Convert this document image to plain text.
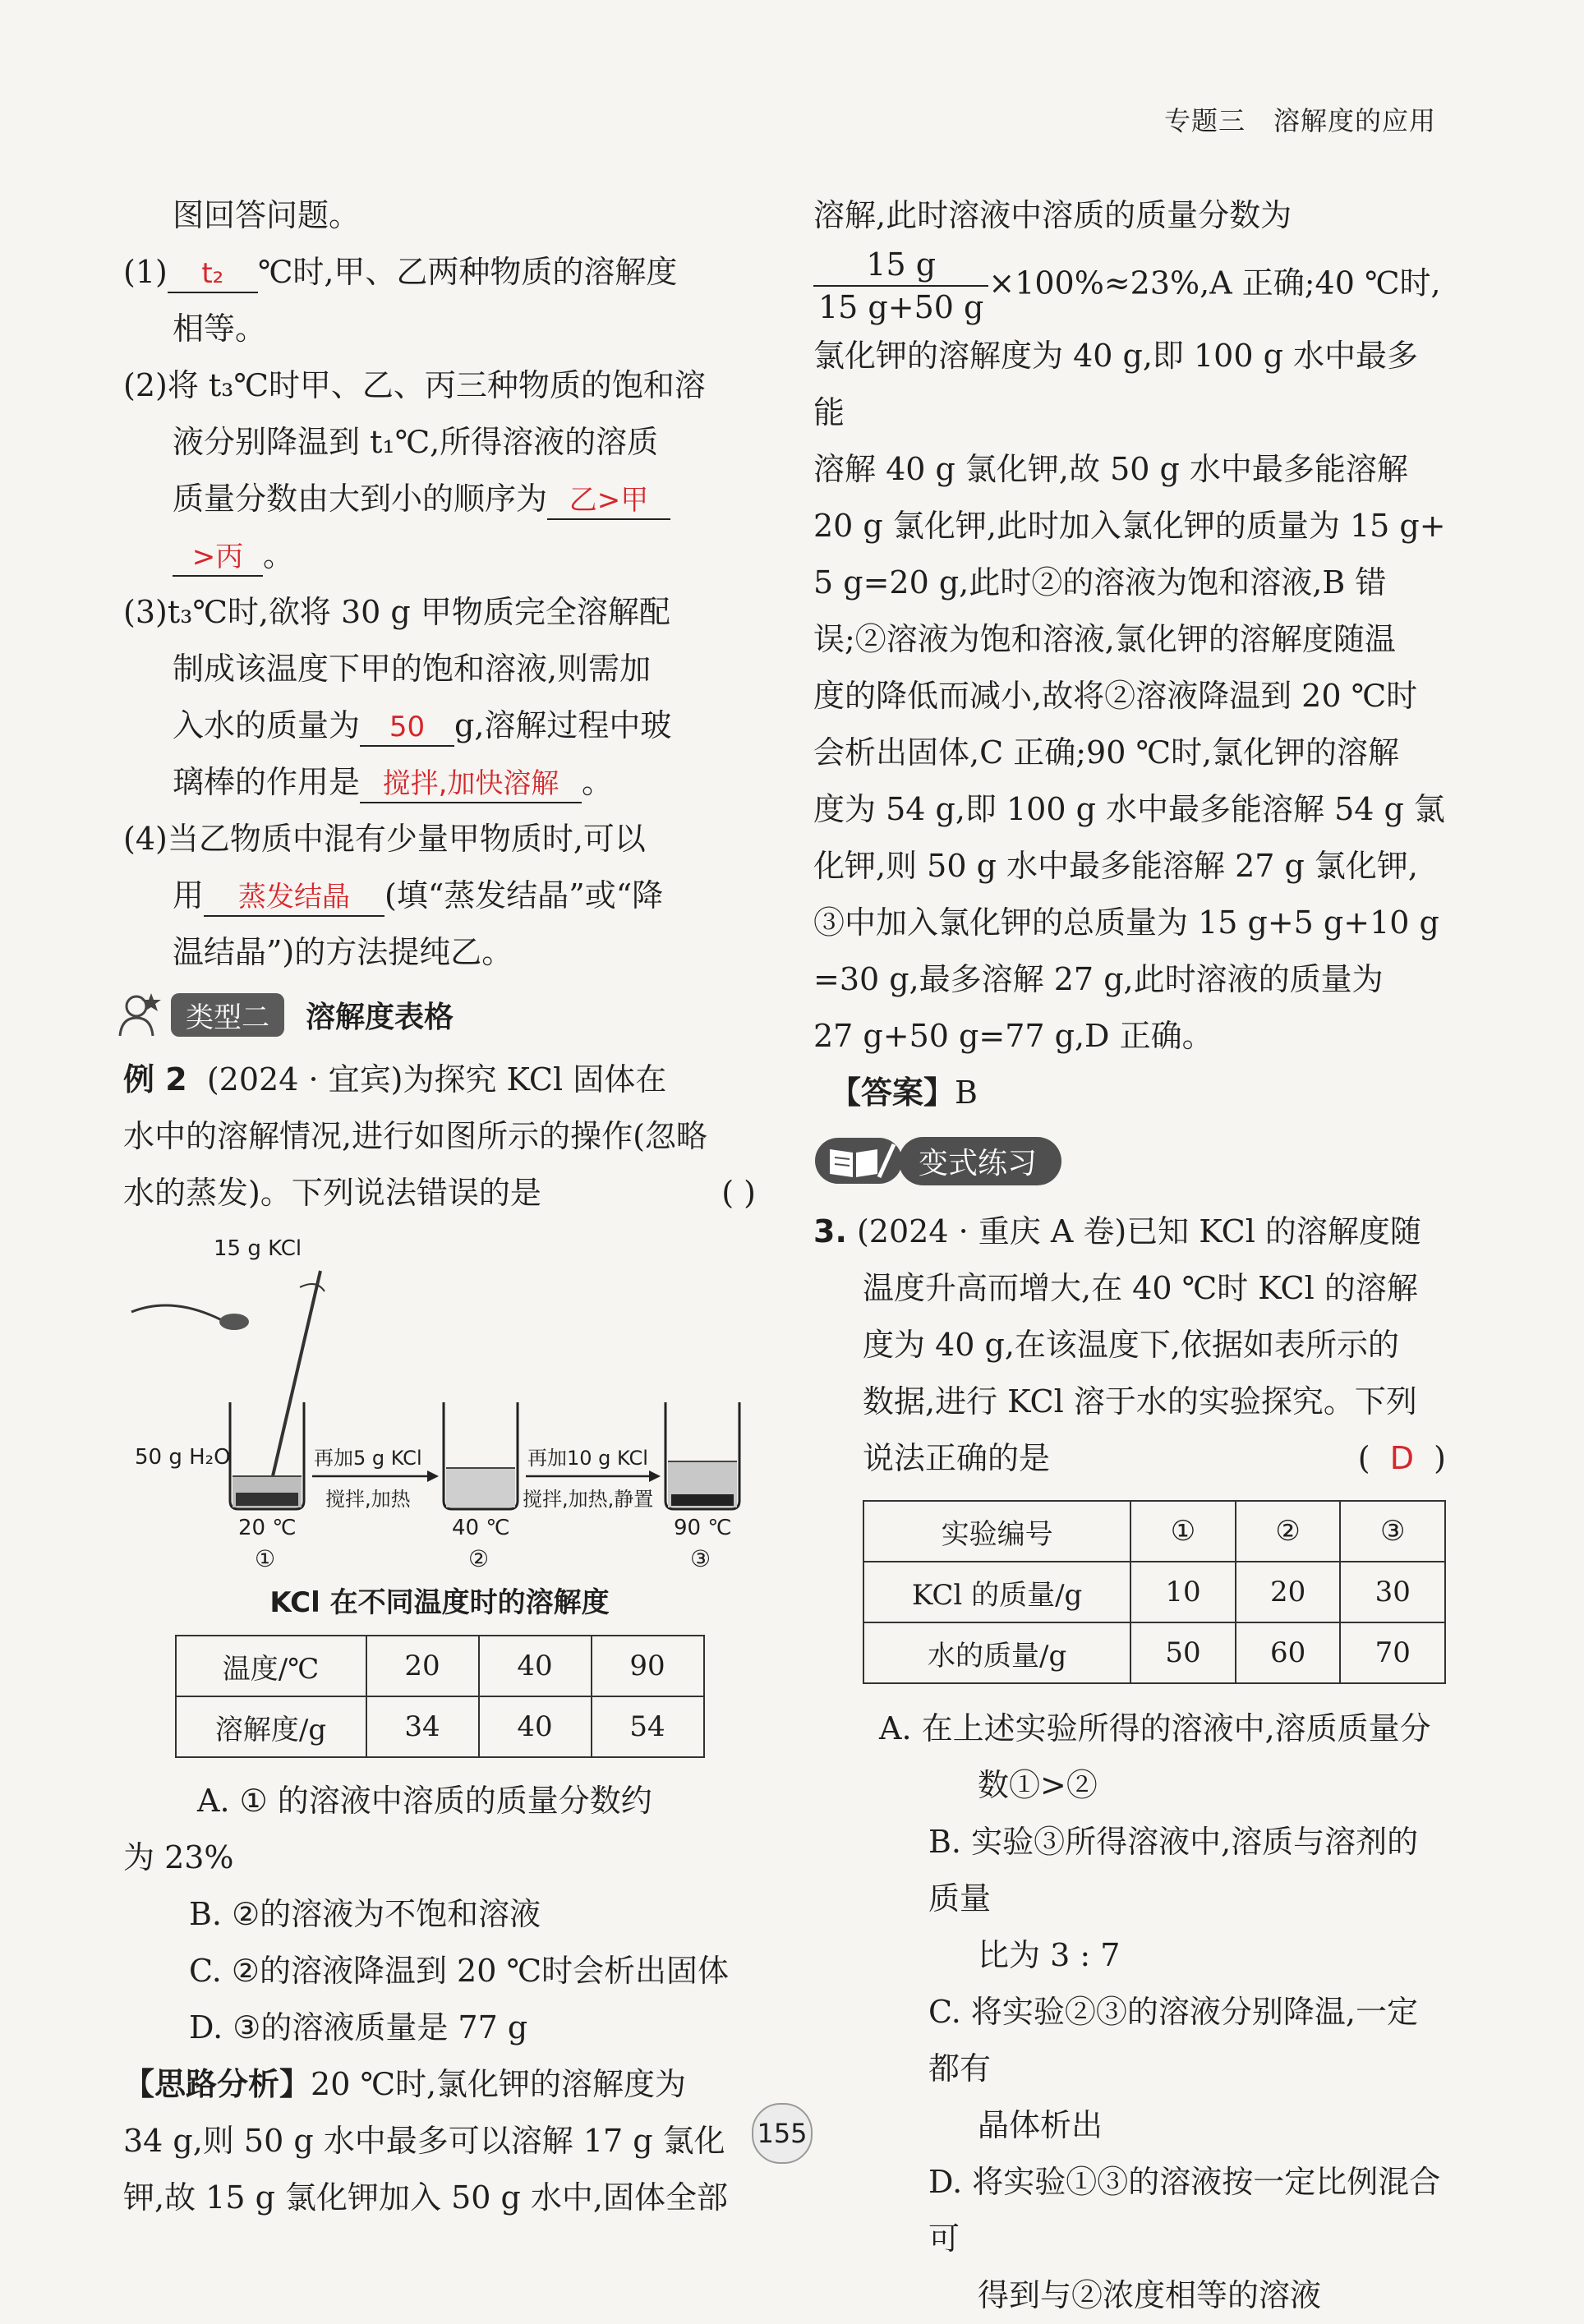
专题三 溶解度的应用

图回答问题。

(1) t₂ ℃时,甲、乙两种物质的溶解度
相等。

(2)将 t₃℃时甲、乙、丙三种物质的饱和溶
液分别降温到 t₁℃,所得溶液的溶质
质量分数由大到小的顺序为 乙>甲
>丙 。

(3)t₃℃时,欲将 30 g 甲物质完全溶解配
制成该温度下甲的饱和溶液,则需加
入水的质量为 50 g,溶解过程中玻
璃棒的作用是 搅拌,加快溶解 。

(4)当乙物质中混有少量甲物质时,可以
用 蒸发结晶 (填“蒸发结晶”或“降
温结晶”)的方法提纯乙。

类型二	溶解度表格

例 2 (2024 · 宜宾)为探究 KCl 固体在
水中的溶解情况,进行如图所示的操作(忽略
水的蒸发)。下列说法错误的是	( )

15 g KCl
50 g H₂O	再加5 g KCl
搅拌,加热
再加10 g KCl
搅拌,加热,静置
20 ℃	40 ℃	90 ℃
①	②	③
KCl 在不同温度时的溶解度
温度/℃	20	40	90
溶解度/g	34	40	54

A. ① 的溶液中溶质的质量分数约
为 23%
B. ②的溶液为不饱和溶液
C. ②的溶液降温到 20 ℃时会析出固体
D. ③的溶液质量是 77 g

【思路分析】20 ℃时,氯化钾的溶解度为
34 g,则 50 g 水中最多可以溶解 17 g 氯化
钾,故 15 g 氯化钾加入 50 g 水中,固体全部

溶解,此时溶液中溶质的质量分数为

$\frac{15 g}{15 g+50 g} \times 100\%\approx 23\%,A$ 正确;40 ℃时,
氯化钾的溶解度为 40 g,即 100 g 水中最多能
溶解 40 g 氯化钾,故 50 g 水中最多能溶解
20 g 氯化钾,此时加入氯化钾的质量为 15 g+
5 g=20 g,此时②的溶液为饱和溶液,B 错
误;②溶液为饱和溶液,氯化钾的溶解度随温
度的降低而减小,故将②溶液降温到 20 ℃时
会析出固体,C 正确;90 ℃时,氯化钾的溶解
度为 54 g,即 100 g 水中最多能溶解 54 g 氯
化钾,则 50 g 水中最多能溶解 27 g 氯化钾,
③中加入氯化钾的总质量为 15 g+5 g+10 g
=30 g,最多溶解 27 g,此时溶液的质量为
27 g+50 g=77 g,D 正确。

【答案】B

变式练习

3. (2024 · 重庆 A 卷)已知 KCl 的溶解度随
温度升高而增大,在 40 ℃时 KCl 的溶解
度为 40 g,在该温度下,依据如表所示的
数据,进行 KCl 溶于水的实验探究。下列
说法正确的是	( D )

实验编号	①	②	③
KCl 的质量/g	10	20	30
水的质量/g	50	60	70

A. 在上述实验所得的溶液中,溶质质量分
数①>②
B. 实验③所得溶液中,溶质与溶剂的质量
比为 3 : 7
C. 将实验②③的溶液分别降温,一定都有
晶体析出
D. 将实验①③的溶液按一定比例混合可
得到与②浓度相等的溶液

155
